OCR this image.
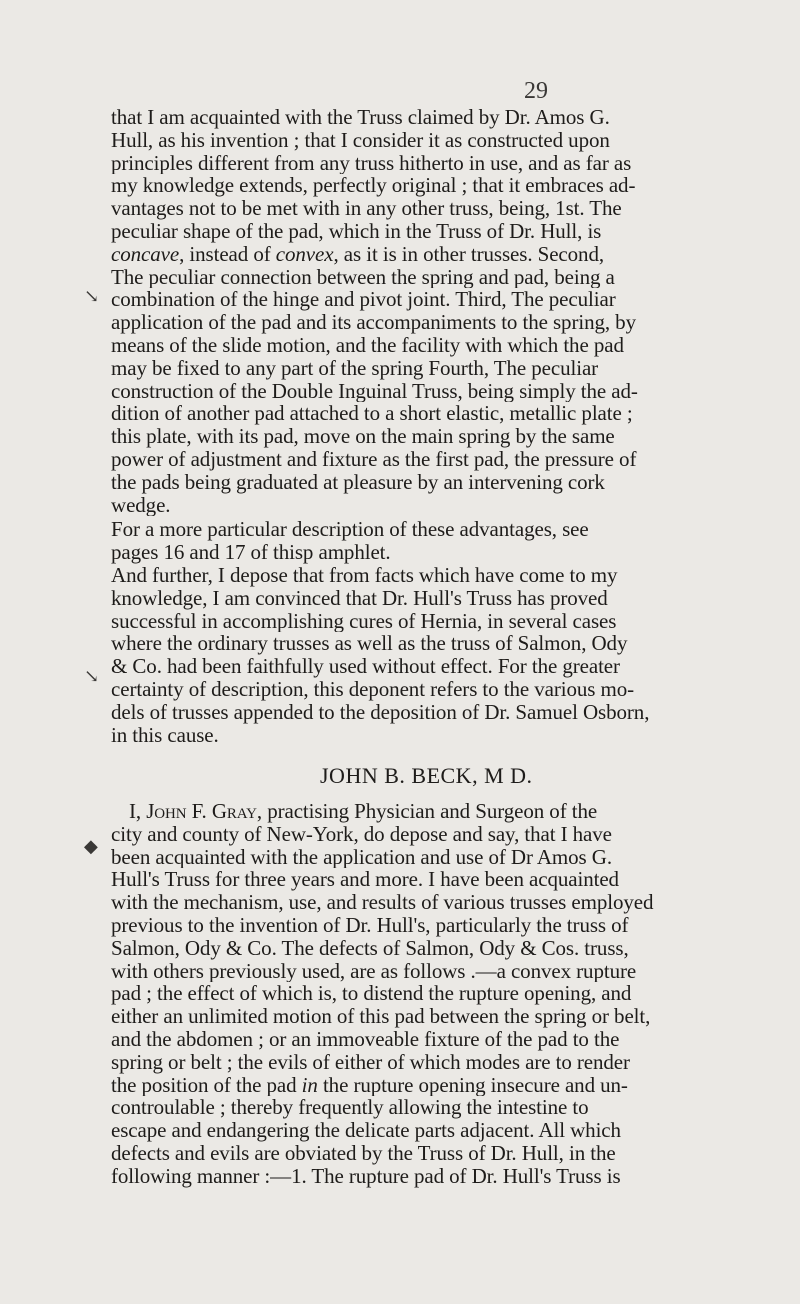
29
that I am acquainted with the Truss claimed by Dr. Amos G.
Hull, as his invention ; that I consider it as constructed upon
principles different from any truss hitherto in use, and as far as
my knowledge extends, perfectly original ; that it embraces ad-
vantages not to be met with in any other truss, being, 1st. The
peculiar shape of the pad, which in the Truss of Dr. Hull, is
concave, instead of convex, as it is in other trusses. Second,
The peculiar connection between the spring and pad, being a
combination of the hinge and pivot joint. Third, The peculiar
application of the pad and its accompaniments to the spring, by
means of the slide motion, and the facility with which the pad
may be fixed to any part of the spring Fourth, The peculiar
construction of the Double Inguinal Truss, being simply the ad-
dition of another pad attached to a short elastic, metallic plate ;
this plate, with its pad, move on the main spring by the same
power of adjustment and fixture as the first pad, the pressure of
the pads being graduated at pleasure by an intervening cork
wedge.
For a more particular description of these advantages, see
pages 16 and 17 of thisp amphlet.
And further, I depose that from facts which have come to my
knowledge, I am convinced that Dr. Hull's Truss has proved
successful in accomplishing cures of Hernia, in several cases
where the ordinary trusses as well as the truss of Salmon, Ody
& Co. had been faithfully used without effect. For the greater
certainty of description, this deponent refers to the various mo-
dels of trusses appended to the deposition of Dr. Samuel Osborn,
in this cause.
JOHN B. BECK, M D.
I, John F. Gray, practising Physician and Surgeon of the
city and county of New-York, do depose and say, that I have
been acquainted with the application and use of Dr Amos G.
Hull's Truss for three years and more. I have been acquainted
with the mechanism, use, and results of various trusses employed
previous to the invention of Dr. Hull's, particularly the truss of
Salmon, Ody & Co. The defects of Salmon, Ody & Cos. truss,
with others previously used, are as follows .—a convex rupture
pad ; the effect of which is, to distend the rupture opening, and
either an unlimited motion of this pad between the spring or belt,
and the abdomen ; or an immoveable fixture of the pad to the
spring or belt ; the evils of either of which modes are to render
the position of the pad in the rupture opening insecure and un-
controulable ; thereby frequently allowing the intestine to
escape and endangering the delicate parts adjacent. All which
defects and evils are obviated by the Truss of Dr. Hull, in the
following manner :—1. The rupture pad of Dr. Hull's Truss is
↘
↘
◆
